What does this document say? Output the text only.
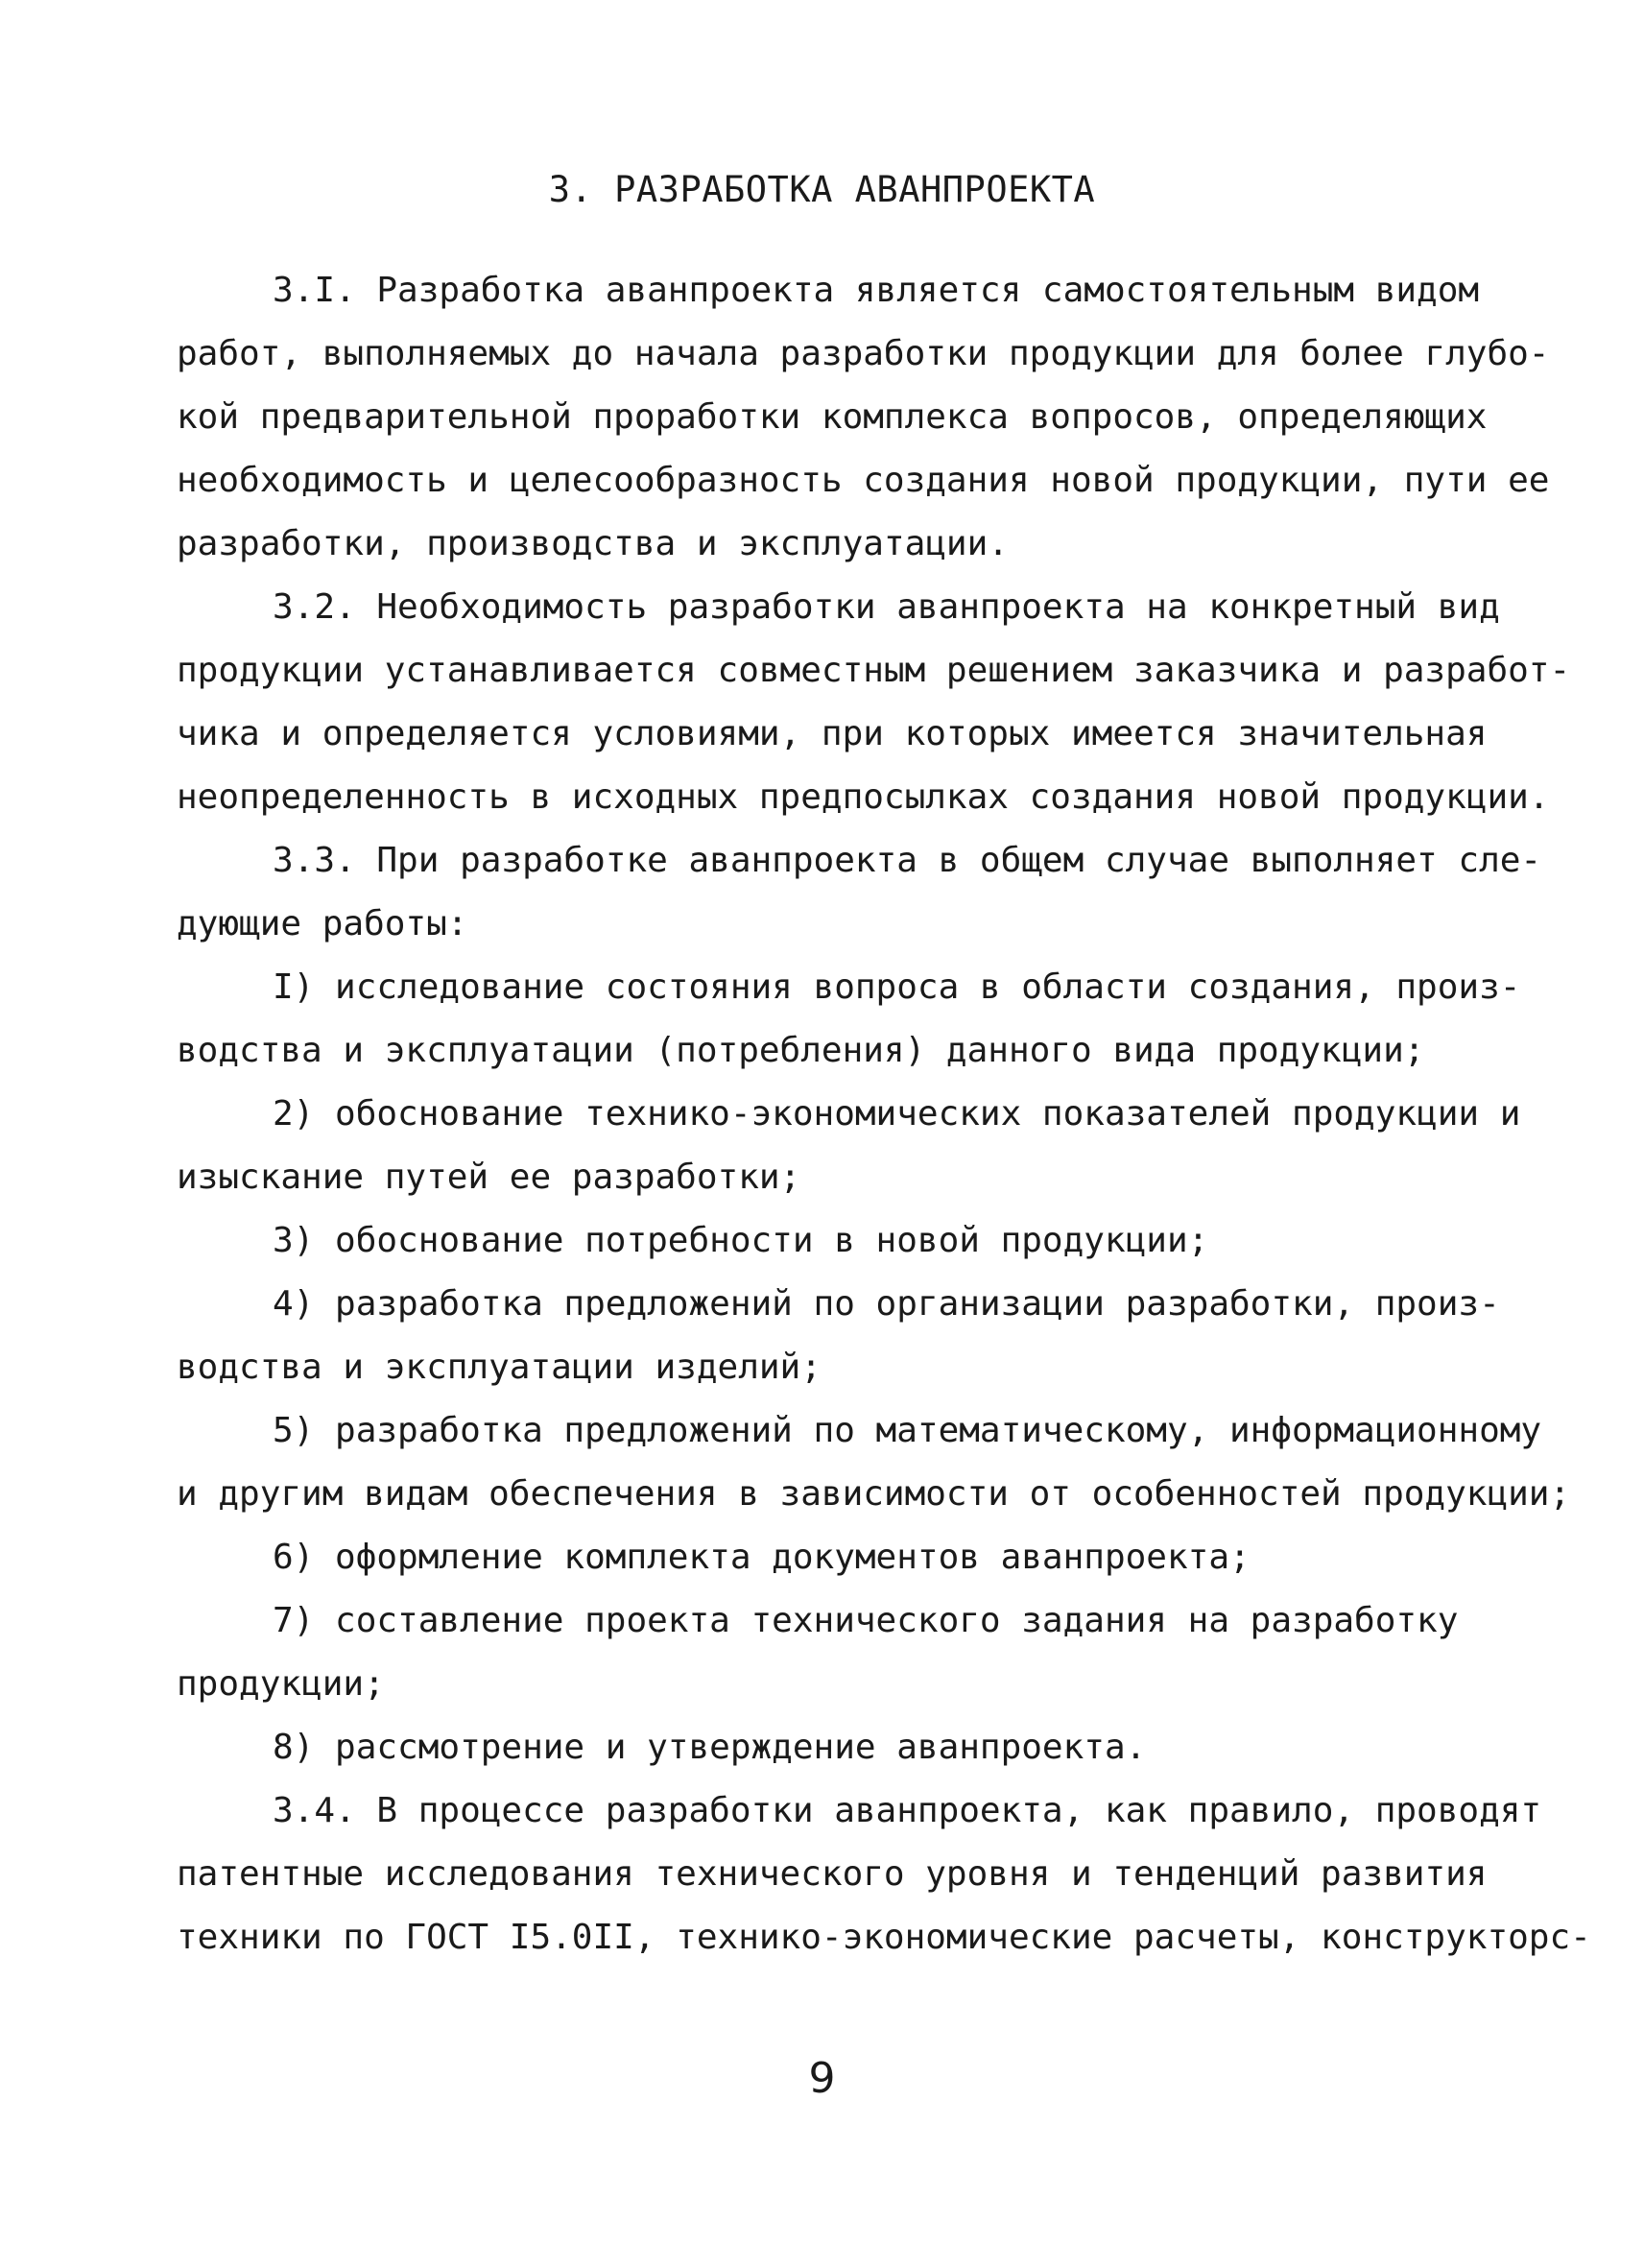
3. РАЗРАБОТКА АВАНПРОЕКТА
3.I. Разработка аванпроекта является самостоятельным видом
работ, выполняемых до начала разработки продукции для более глубо-
кой предварительной проработки комплекса вопросов, определяющих
необходимость и целесообразность создания новой продукции, пути ее
разработки, производства и эксплуатации.
3.2. Необходимость разработки аванпроекта на конкретный вид
продукции устанавливается совместным решением заказчика и разработ-
чика и определяется условиями, при которых имеется значительная
неопределенность в исходных предпосылках создания новой продукции.
3.3. При разработке аванпроекта в общем случае выполняет сле-
дующие работы:
I) исследование состояния вопроса в области создания, произ-
водства и эксплуатации (потребления) данного вида продукции;
2) обоснование технико-экономических показателей продукции и
изыскание путей ее разработки;
3) обоснование потребности в новой продукции;
4) разработка предложений по организации разработки, произ-
водства и эксплуатации изделий;
5) разработка предложений по математическому, информационному
и другим видам обеспечения в зависимости от особенностей продукции;
6) оформление комплекта документов аванпроекта;
7) составление проекта технического задания на разработку
продукции;
8) рассмотрение и утверждение аванпроекта.
3.4. В процессе разработки аванпроекта, как правило, проводят
патентные исследования технического уровня и тенденций развития
техники по ГОСТ I5.0II, технико-экономические расчеты, конструкторс-
9
